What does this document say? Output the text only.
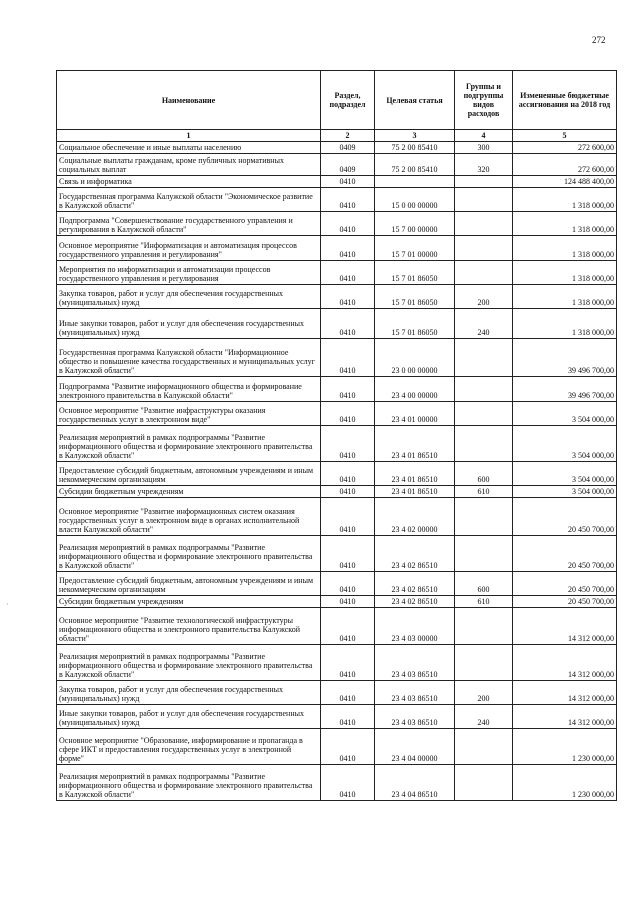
272
·
Наименование	Раздел, подраздел	Целевая статья	Группы и подгруппы видов расходов	Измененные бюджетные ассигнования на 2018 год
1	2	3	4	5
Социальное обеспечение и иные выплаты населению	0409	75 2 00 85410	300	272 600,00
Социальные выплаты гражданам, кроме публичных нормативных социальных выплат	0409	75 2 00 85410	320	272 600,00
Связь и информатика	0410			124 488 400,00
Государственная программа Калужской области "Экономическое развитие в Калужской области"	0410	15 0 00 00000		1 318 000,00
Подпрограмма "Совершенствование государственного управления и регулирования в Калужской области"	0410	15 7 00 00000		1 318 000,00
Основное мероприятие "Информатизация и автоматизация процессов государственного управления и регулирования"	0410	15 7 01 00000		1 318 000,00
Мероприятия по информатизации и автоматизации процессов государственного управления и регулирования	0410	15 7 01 86050		1 318 000,00
Закупка товаров, работ и услуг для обеспечения государственных (муниципальных) нужд	0410	15 7 01 86050	200	1 318 000,00
Иные закупки товаров, работ и услуг для обеспечения государственных (муниципальных) нужд	0410	15 7 01 86050	240	1 318 000,00
Государственная программа Калужской области "Информационное общество и повышение качества государственных и муниципальных услуг в Калужской области"	0410	23 0 00 00000		39 496 700,00
Подпрограмма "Развитие информационного общества и формирование электронного правительства в Калужской области"	0410	23 4 00 00000		39 496 700,00
Основное мероприятие "Развитие инфраструктуры оказания государственных услуг в электронном виде"	0410	23 4 01 00000		3 504 000,00
Реализация мероприятий в рамках подпрограммы "Развитие информационного общества и формирование электронного правительства в Калужской области"	0410	23 4 01 86510		3 504 000,00
Предоставление субсидий бюджетным, автономным учреждениям и иным некоммерческим организациям	0410	23 4 01 86510	600	3 504 000,00
Субсидии бюджетным учреждениям	0410	23 4 01 86510	610	3 504 000,00
Основное мероприятие "Развитие информационных систем оказания государственных услуг в электронном виде в органах исполнительной власти Калужской области"	0410	23 4 02 00000		20 450 700,00
Реализация мероприятий в рамках подпрограммы "Развитие информационного общества и формирование электронного правительства в Калужской области"	0410	23 4 02 86510		20 450 700,00
Предоставление субсидий бюджетным, автономным учреждениям и иным некоммерческим организациям	0410	23 4 02 86510	600	20 450 700,00
Субсидии бюджетным учреждениям	0410	23 4 02 86510	610	20 450 700,00
Основное мероприятие "Развитие технологической инфраструктуры информационного общества и электронного правительства Калужской области"	0410	23 4 03 00000		14 312 000,00
Реализация мероприятий в рамках подпрограммы "Развитие информационного общества и формирование электронного правительства в Калужской области"	0410	23 4 03 86510		14 312 000,00
Закупка товаров, работ и услуг для обеспечения государственных (муниципальных) нужд	0410	23 4 03 86510	200	14 312 000,00
Иные закупки товаров, работ и услуг для обеспечения государственных (муниципальных) нужд	0410	23 4 03 86510	240	14 312 000,00
Основное мероприятие "Образование, информирование и пропаганда в сфере ИКТ и предоставления государственных услуг в электронной форме"	0410	23 4 04 00000		1 230 000,00
Реализация мероприятий в рамках подпрограммы "Развитие информационного общества и формирование электронного правительства в Калужской области"	0410	23 4 04 86510		1 230 000,00
